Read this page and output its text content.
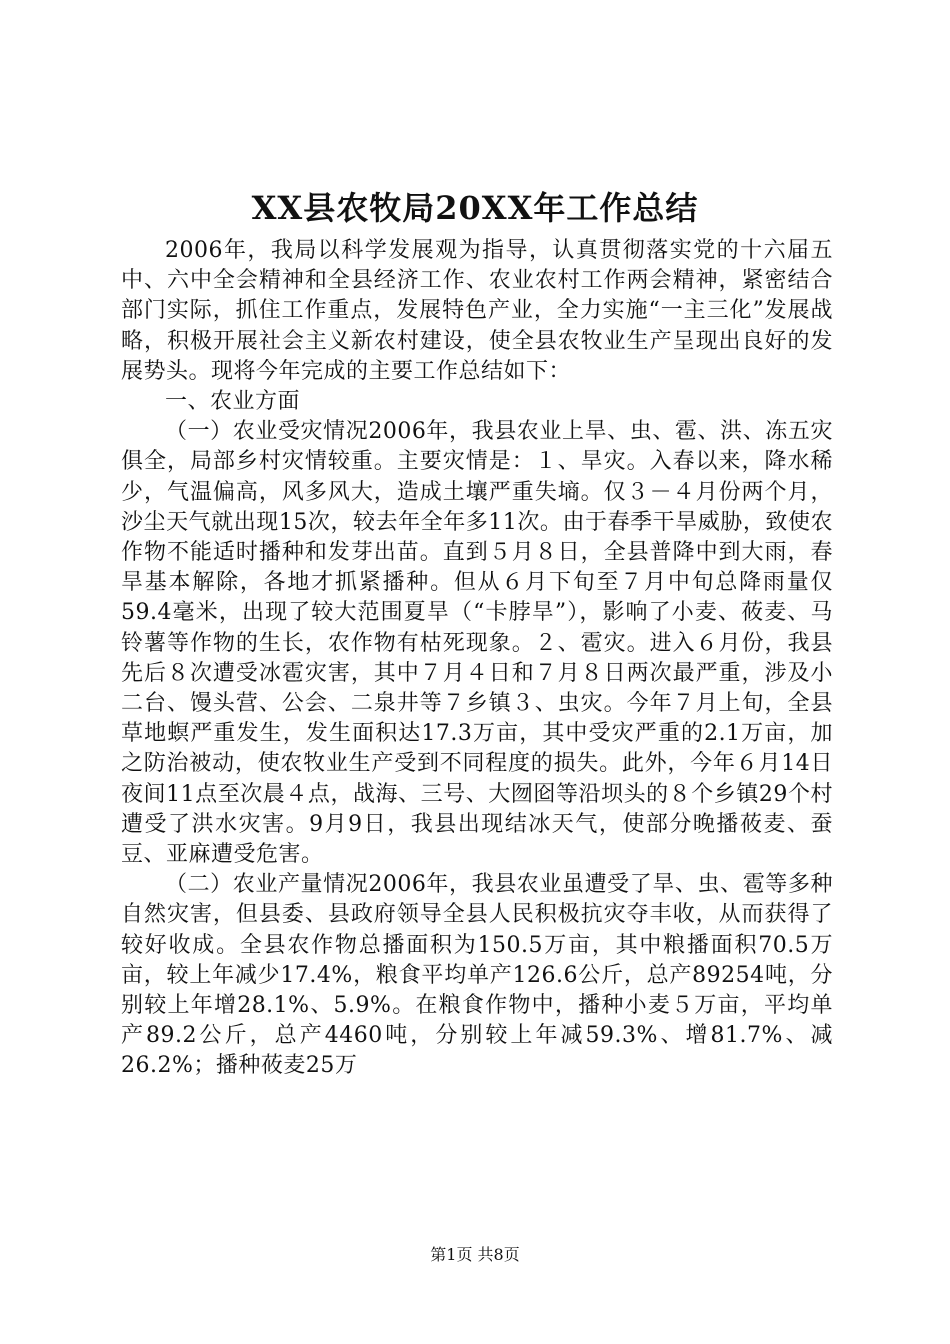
XX县农牧局20XX年工作总结

2006年，我局以科学发展观为指导，认真贯彻落实党的十六届五中、六中全会精神和全县经济工作、农业农村工作两会精神，紧密结合部门实际，抓住工作重点，发展特色产业，全力实施“一主三化”发展战略，积极开展社会主义新农村建设，使全县农牧业生产呈现出良好的发展势头。现将今年完成的主要工作总结如下：

一、农业方面

（一）农业受灾情况2006年，我县农业上旱、虫、雹、洪、冻五灾俱全，局部乡村灾情较重。主要灾情是：１、旱灾。入春以来，降水稀少，气温偏高，风多风大，造成土壤严重失墒。仅３－４月份两个月，沙尘天气就出现15次，较去年全年多11次。由于春季干旱威胁，致使农作物不能适时播种和发芽出苗。直到５月８日，全县普降中到大雨，春旱基本解除，各地才抓紧播种。但从６月下旬至７月中旬总降雨量仅59.4毫米，出现了较大范围夏旱（“卡脖旱”），影响了小麦、莜麦、马铃薯等作物的生长，农作物有枯死现象。２、雹灾。进入６月份，我县先后８次遭受冰雹灾害，其中７月４日和７月８日两次最严重，涉及小二台、馒头营、公会、二泉井等７乡镇３、虫灾。今年７月上旬，全县草地螟严重发生，发生面积达17.3万亩，其中受灾严重的2.1万亩，加之防治被动，使农牧业生产受到不同程度的损失。此外，今年６月14日夜间11点至次晨４点，战海、三号、大囫囵等沿坝头的８个乡镇29个村遭受了洪水灾害。9月9日，我县出现结冰天气，使部分晚播莜麦、蚕豆、亚麻遭受危害。

（二）农业产量情况2006年，我县农业虽遭受了旱、虫、雹等多种自然灾害，但县委、县政府领导全县人民积极抗灾夺丰收，从而获得了较好收成。全县农作物总播面积为150.5万亩，其中粮播面积70.5万亩，较上年减少17.4%，粮食平均单产126.6公斤，总产89254吨，分别较上年增28.1%、5.9%。在粮食作物中，播种小麦５万亩，平均单产89.2公斤，总产4460吨，分别较上年减59.3%、增81.7%、减26.2%；播种莜麦25万

第1页 共8页
